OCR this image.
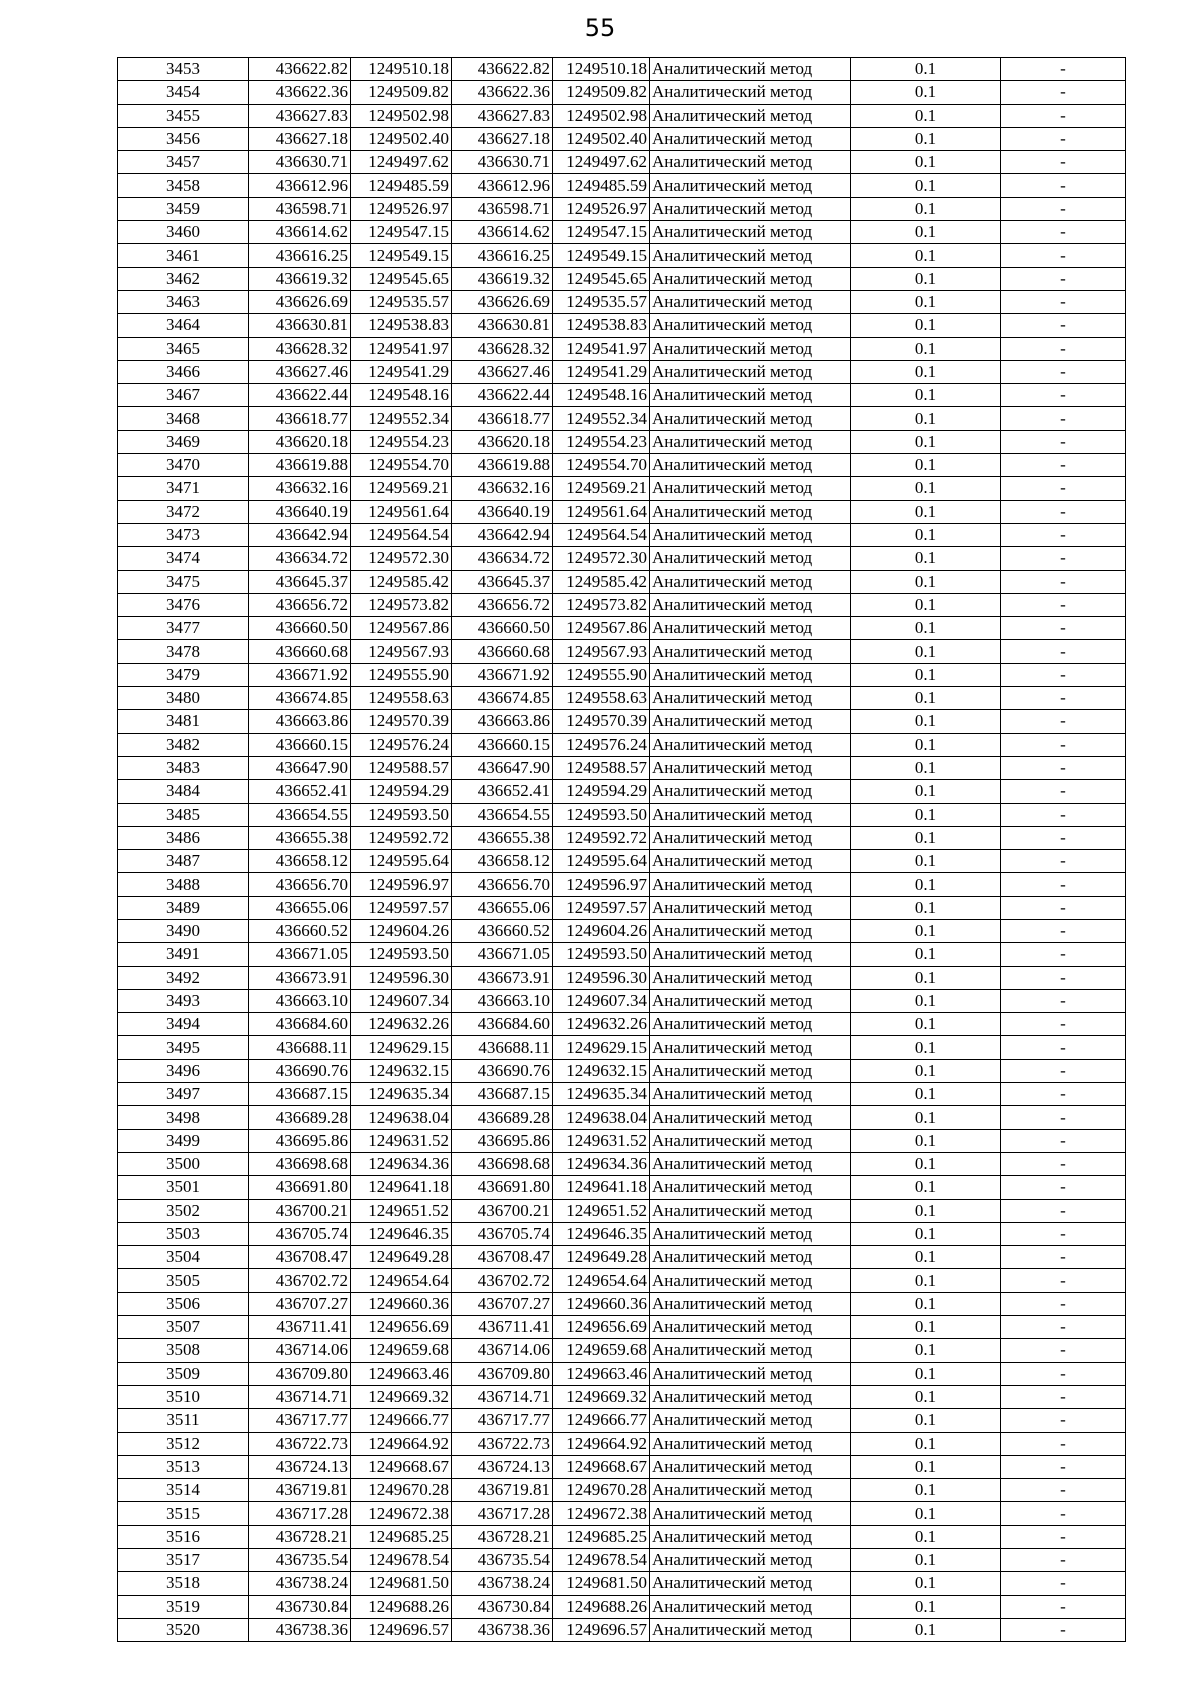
55
3453	436622.82	1249510.18	436622.82	1249510.18	Аналитический метод	0.1	-
3454	436622.36	1249509.82	436622.36	1249509.82	Аналитический метод	0.1	-
3455	436627.83	1249502.98	436627.83	1249502.98	Аналитический метод	0.1	-
3456	436627.18	1249502.40	436627.18	1249502.40	Аналитический метод	0.1	-
3457	436630.71	1249497.62	436630.71	1249497.62	Аналитический метод	0.1	-
3458	436612.96	1249485.59	436612.96	1249485.59	Аналитический метод	0.1	-
3459	436598.71	1249526.97	436598.71	1249526.97	Аналитический метод	0.1	-
3460	436614.62	1249547.15	436614.62	1249547.15	Аналитический метод	0.1	-
3461	436616.25	1249549.15	436616.25	1249549.15	Аналитический метод	0.1	-
3462	436619.32	1249545.65	436619.32	1249545.65	Аналитический метод	0.1	-
3463	436626.69	1249535.57	436626.69	1249535.57	Аналитический метод	0.1	-
3464	436630.81	1249538.83	436630.81	1249538.83	Аналитический метод	0.1	-
3465	436628.32	1249541.97	436628.32	1249541.97	Аналитический метод	0.1	-
3466	436627.46	1249541.29	436627.46	1249541.29	Аналитический метод	0.1	-
3467	436622.44	1249548.16	436622.44	1249548.16	Аналитический метод	0.1	-
3468	436618.77	1249552.34	436618.77	1249552.34	Аналитический метод	0.1	-
3469	436620.18	1249554.23	436620.18	1249554.23	Аналитический метод	0.1	-
3470	436619.88	1249554.70	436619.88	1249554.70	Аналитический метод	0.1	-
3471	436632.16	1249569.21	436632.16	1249569.21	Аналитический метод	0.1	-
3472	436640.19	1249561.64	436640.19	1249561.64	Аналитический метод	0.1	-
3473	436642.94	1249564.54	436642.94	1249564.54	Аналитический метод	0.1	-
3474	436634.72	1249572.30	436634.72	1249572.30	Аналитический метод	0.1	-
3475	436645.37	1249585.42	436645.37	1249585.42	Аналитический метод	0.1	-
3476	436656.72	1249573.82	436656.72	1249573.82	Аналитический метод	0.1	-
3477	436660.50	1249567.86	436660.50	1249567.86	Аналитический метод	0.1	-
3478	436660.68	1249567.93	436660.68	1249567.93	Аналитический метод	0.1	-
3479	436671.92	1249555.90	436671.92	1249555.90	Аналитический метод	0.1	-
3480	436674.85	1249558.63	436674.85	1249558.63	Аналитический метод	0.1	-
3481	436663.86	1249570.39	436663.86	1249570.39	Аналитический метод	0.1	-
3482	436660.15	1249576.24	436660.15	1249576.24	Аналитический метод	0.1	-
3483	436647.90	1249588.57	436647.90	1249588.57	Аналитический метод	0.1	-
3484	436652.41	1249594.29	436652.41	1249594.29	Аналитический метод	0.1	-
3485	436654.55	1249593.50	436654.55	1249593.50	Аналитический метод	0.1	-
3486	436655.38	1249592.72	436655.38	1249592.72	Аналитический метод	0.1	-
3487	436658.12	1249595.64	436658.12	1249595.64	Аналитический метод	0.1	-
3488	436656.70	1249596.97	436656.70	1249596.97	Аналитический метод	0.1	-
3489	436655.06	1249597.57	436655.06	1249597.57	Аналитический метод	0.1	-
3490	436660.52	1249604.26	436660.52	1249604.26	Аналитический метод	0.1	-
3491	436671.05	1249593.50	436671.05	1249593.50	Аналитический метод	0.1	-
3492	436673.91	1249596.30	436673.91	1249596.30	Аналитический метод	0.1	-
3493	436663.10	1249607.34	436663.10	1249607.34	Аналитический метод	0.1	-
3494	436684.60	1249632.26	436684.60	1249632.26	Аналитический метод	0.1	-
3495	436688.11	1249629.15	436688.11	1249629.15	Аналитический метод	0.1	-
3496	436690.76	1249632.15	436690.76	1249632.15	Аналитический метод	0.1	-
3497	436687.15	1249635.34	436687.15	1249635.34	Аналитический метод	0.1	-
3498	436689.28	1249638.04	436689.28	1249638.04	Аналитический метод	0.1	-
3499	436695.86	1249631.52	436695.86	1249631.52	Аналитический метод	0.1	-
3500	436698.68	1249634.36	436698.68	1249634.36	Аналитический метод	0.1	-
3501	436691.80	1249641.18	436691.80	1249641.18	Аналитический метод	0.1	-
3502	436700.21	1249651.52	436700.21	1249651.52	Аналитический метод	0.1	-
3503	436705.74	1249646.35	436705.74	1249646.35	Аналитический метод	0.1	-
3504	436708.47	1249649.28	436708.47	1249649.28	Аналитический метод	0.1	-
3505	436702.72	1249654.64	436702.72	1249654.64	Аналитический метод	0.1	-
3506	436707.27	1249660.36	436707.27	1249660.36	Аналитический метод	0.1	-
3507	436711.41	1249656.69	436711.41	1249656.69	Аналитический метод	0.1	-
3508	436714.06	1249659.68	436714.06	1249659.68	Аналитический метод	0.1	-
3509	436709.80	1249663.46	436709.80	1249663.46	Аналитический метод	0.1	-
3510	436714.71	1249669.32	436714.71	1249669.32	Аналитический метод	0.1	-
3511	436717.77	1249666.77	436717.77	1249666.77	Аналитический метод	0.1	-
3512	436722.73	1249664.92	436722.73	1249664.92	Аналитический метод	0.1	-
3513	436724.13	1249668.67	436724.13	1249668.67	Аналитический метод	0.1	-
3514	436719.81	1249670.28	436719.81	1249670.28	Аналитический метод	0.1	-
3515	436717.28	1249672.38	436717.28	1249672.38	Аналитический метод	0.1	-
3516	436728.21	1249685.25	436728.21	1249685.25	Аналитический метод	0.1	-
3517	436735.54	1249678.54	436735.54	1249678.54	Аналитический метод	0.1	-
3518	436738.24	1249681.50	436738.24	1249681.50	Аналитический метод	0.1	-
3519	436730.84	1249688.26	436730.84	1249688.26	Аналитический метод	0.1	-
3520	436738.36	1249696.57	436738.36	1249696.57	Аналитический метод	0.1	-
